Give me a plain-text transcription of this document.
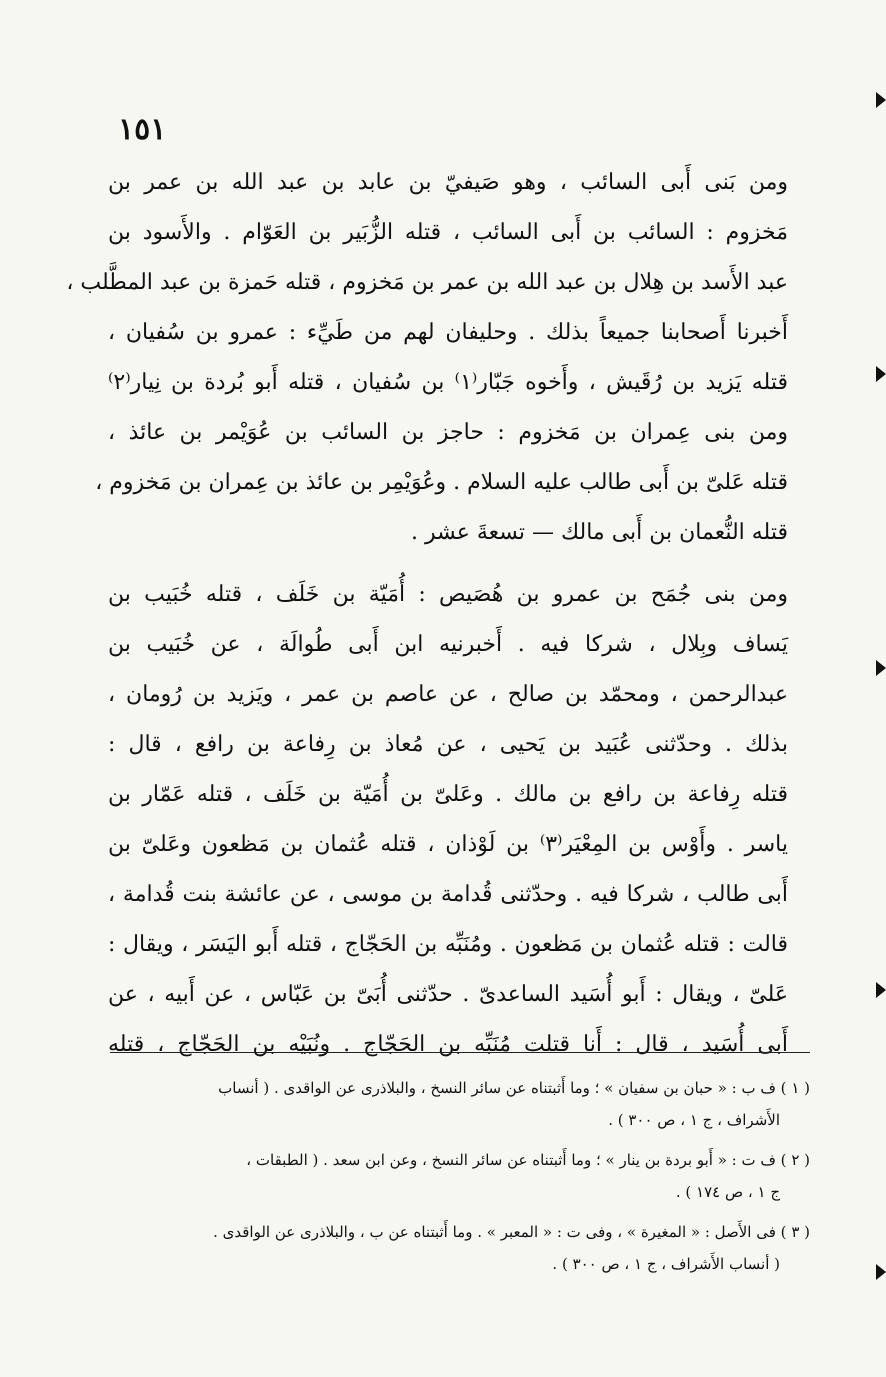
١٥١
ومن بَنى أَبى السائب ، وهو صَيفيّ بن عابد بن عبد الله بن عمر بن
مَخزوم : السائب بن أَبى السائب ، قتله الزُّبَير بن العَوّام . والأَسود بن
عبد الأَسد بن هِلال بن عبد الله بن عمر بن مَخزوم ، قتله حَمزة بن عبد المطَّلب ،
أَخبرنا أَصحابنا جميعاً بذلك . وحليفان لهم من طَيِّء : عمرو بن سُفيان ،
قتله يَزيد بن رُقَيش ، وأَخوه جَبّار⁽١⁾ بن سُفيان ، قتله أَبو بُردة بن نِيار⁽٢⁾
ومن بنى عِمران بن مَخزوم : حاجز بن السائب بن عُوَيْمر بن عائذ ،
قتله عَلىّ بن أَبى طالب عليه السلام . وعُوَيْمِر بن عائذ بن عِمران بن مَخزوم ،
قتله النُّعمان بن أَبى مالك — تسعةَ عشر .
ومن بنى جُمَح بن عمرو بن هُصَيص : أُمَيّة بن خَلَف ، قتله خُبَيب بن
يَساف وبِلال ، شركا فيه . أَخبرنيه ابن أَبى طُوالَة ، عن خُبَيب بن
عبدالرحمن ، ومحمّد بن صالح ، عن عاصم بن عمر ، ويَزيد بن رُومان ،
بذلك . وحدّثنى عُبَيد بن يَحيى ، عن مُعاذ بن رِفاعة بن رافع ، قال :
قتله رِفاعة بن رافع بن مالك . وعَلىّ بن أُمَيّة بن خَلَف ، قتله عَمّار بن
ياسر . وأَوْس بن المِعْيَر⁽٣⁾ بن لَوْذان ، قتله عُثمان بن مَظعون وعَلىّ بن
أَبى طالب ، شركا فيه . وحدّثنى قُدامة بن موسى ، عن عائشة بنت قُدامة ،
قالت : قتله عُثمان بن مَظعون . ومُنَبِّه بن الحَجّاج ، قتله أَبو اليَسَر ، ويقال :
عَلىّ ، ويقال : أَبو أُسَيد الساعدىّ . حدّثنى أُبَىّ بن عَبّاس ، عن أَبيه ، عن
أَبى أُسَيد ، قال : أَنا قتلت مُنَبِّه بن الحَجّاج . ونُبَيْه بن الحَجّاج ، قتله
( ١ ) ف ب : « حبان بن سفيان » ؛ وما أَثبتناه عن سائر النسخ ، والبلاذرى عن الواقدى . ( أنساب
الأَشراف ، ج ١ ، ص ٣٠٠ ) .
( ٢ ) ف ت : « أَبو بردة بن ينار » ؛ وما أَثبتناه عن سائر النسخ ، وعن ابن سعد . ( الطبقات ،
ج ١ ، ص ١٧٤ ) .
( ٣ ) فى الأَصل : « المغيرة » ، وفى ت : « المعبر » . وما أَثبتناه عن ب ، والبلاذرى عن الواقدى .
( أنساب الأَشراف ، ج ١ ، ص ٣٠٠ ) .
